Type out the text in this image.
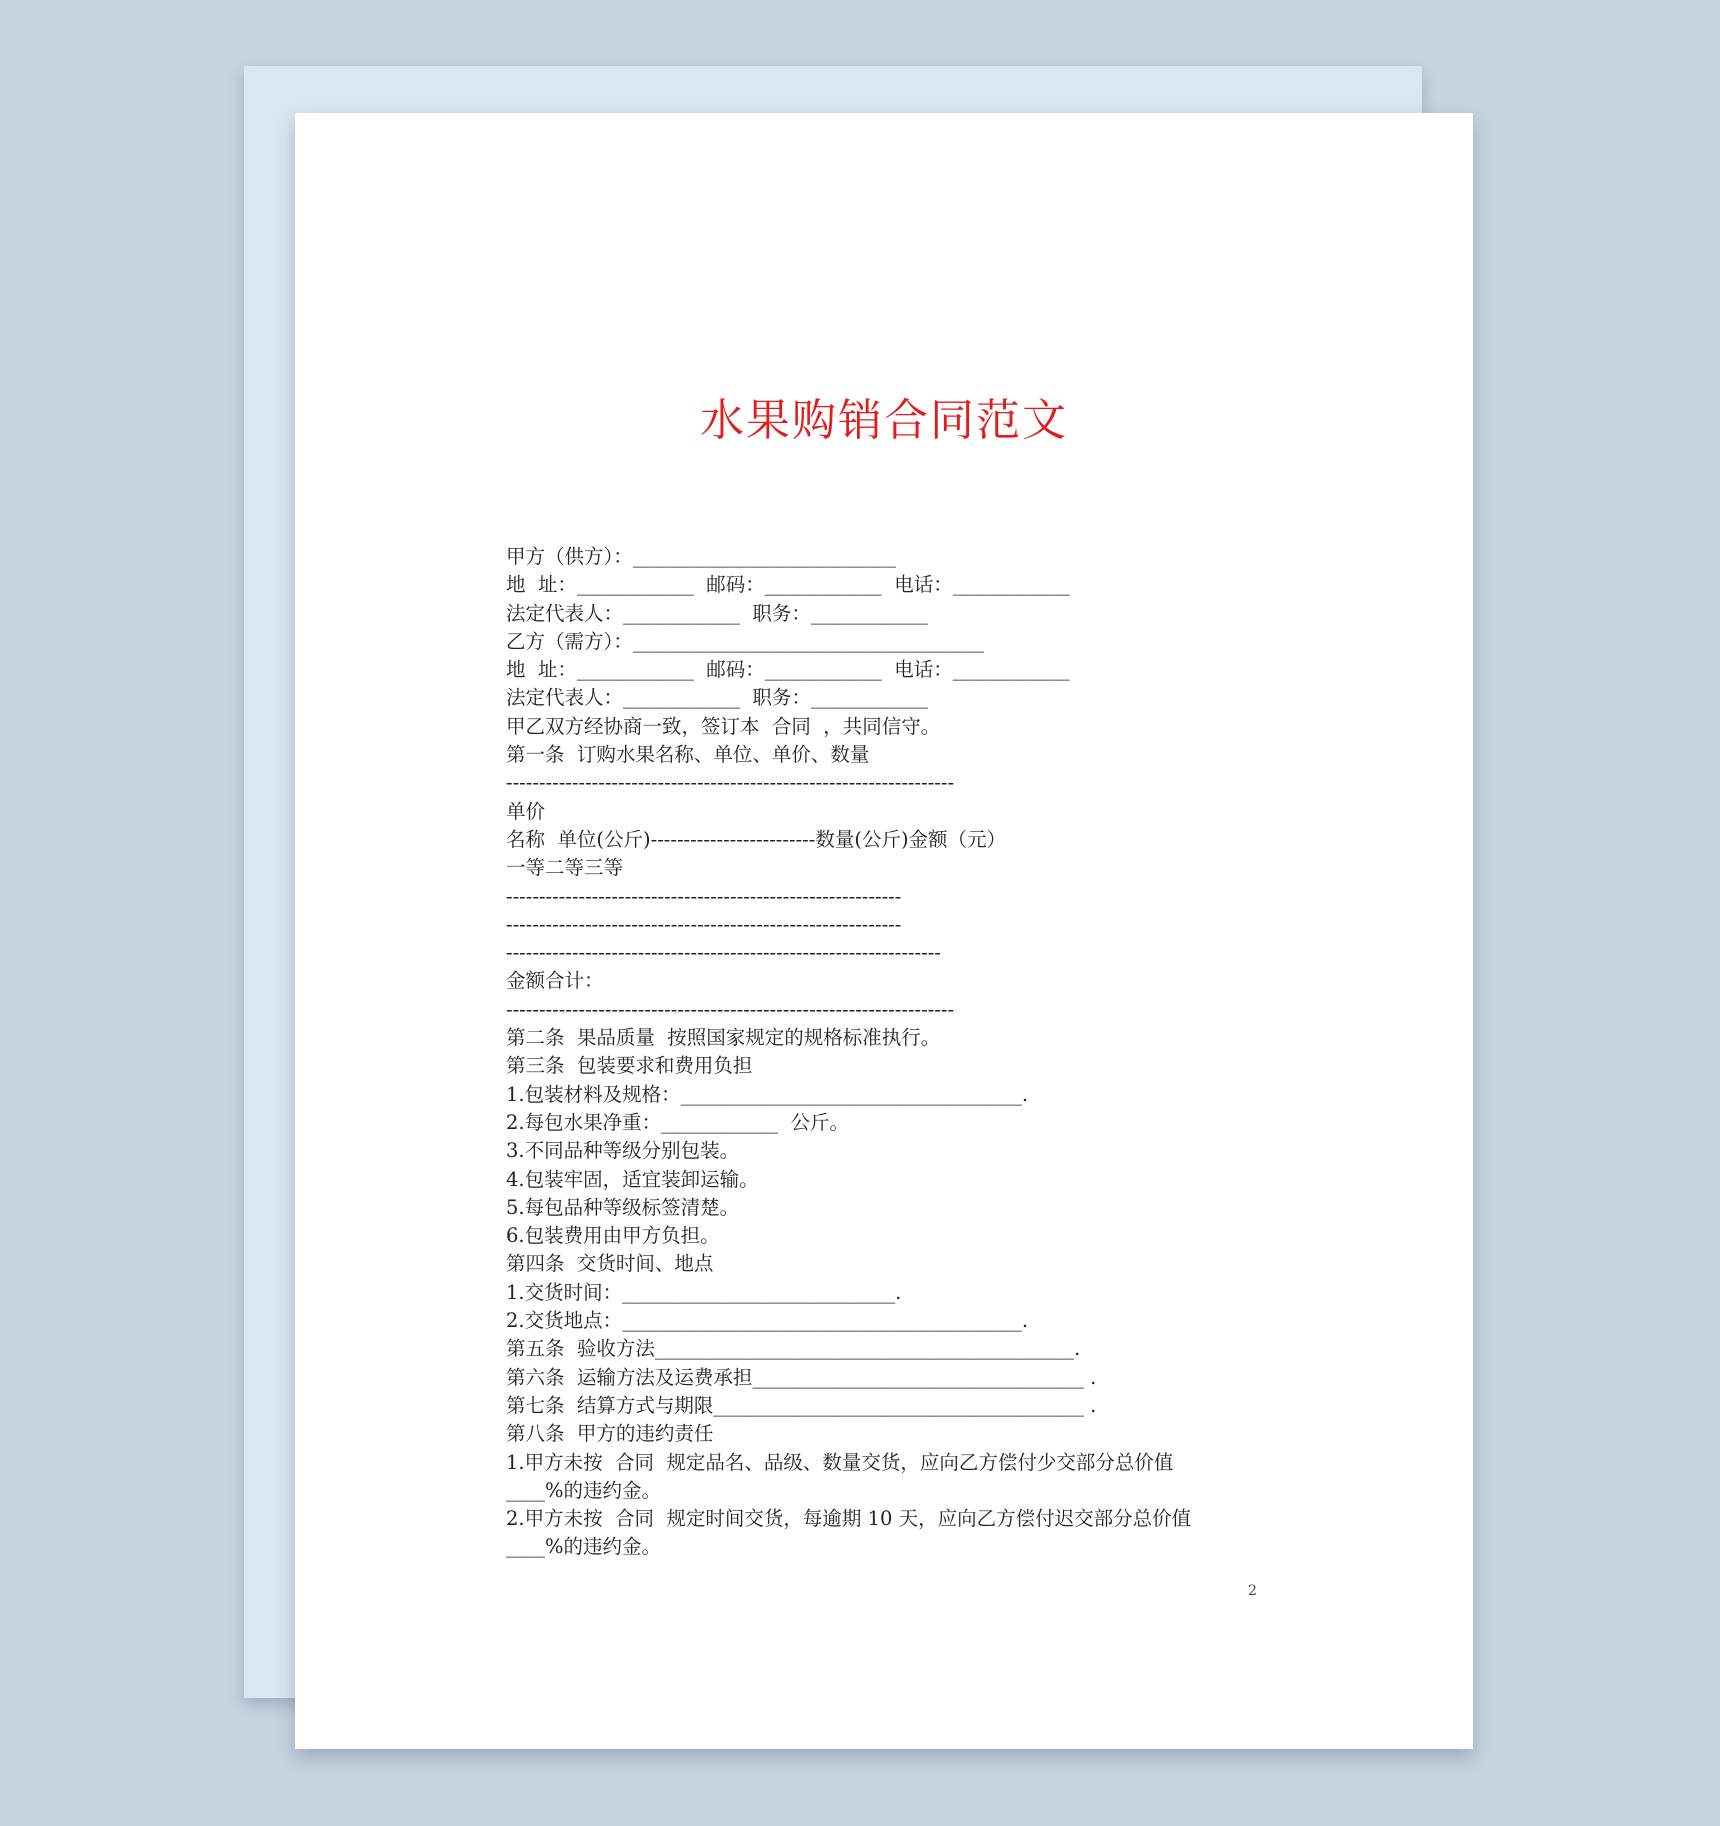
水果购销合同范文
甲方（供方）：___________________________
地  址：____________  邮码：____________  电话：____________
法定代表人：____________  职务：____________
乙方（需方）：____________________________________
地  址：____________  邮码：____________  电话：____________
法定代表人：____________  职务：____________
甲乙双方经协商一致，签订本  合同  ，共同信守。
第一条  订购水果名称、单位、单价、数量
--------------------------------------------------------------------
单价
名称  单位(公斤)-------------------------数量(公斤)金额（元）
一等二等三等
------------------------------------------------------------
------------------------------------------------------------
------------------------------------------------------------------
金额合计：
--------------------------------------------------------------------
第二条  果品质量  按照国家规定的规格标准执行。
第三条  包装要求和费用负担
1.包装材料及规格：___________________________________.
2.每包水果净重：____________  公斤。
3.不同品种等级分别包装。
4.包装牢固，适宜装卸运输。
5.每包品种等级标签清楚。
6.包装费用由甲方负担。
第四条  交货时间、地点
1.交货时间：____________________________.
2.交货地点：_________________________________________.
第五条  验收方法___________________________________________.
第六条  运输方法及运费承担__________________________________ .
第七条  结算方式与期限______________________________________ .
第八条  甲方的违约责任
1.甲方未按  合同  规定品名、品级、数量交货，应向乙方偿付少交部分总价值
____%的违约金。
2.甲方未按  合同  规定时间交货，每逾期 10 天，应向乙方偿付迟交部分总价值
____%的违约金。
2
